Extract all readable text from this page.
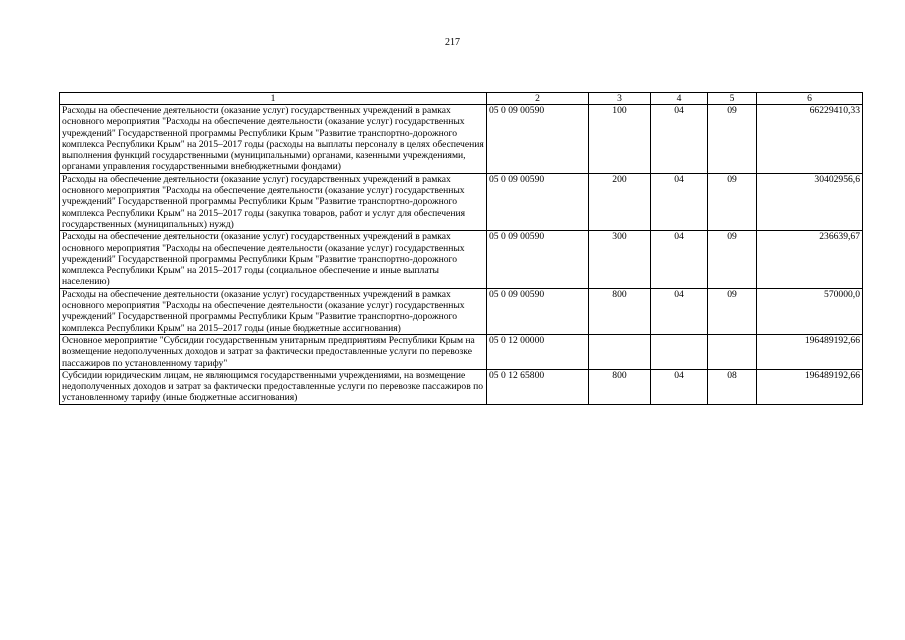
217
1	2	3	4	5	6
Расходы на обеспечение деятельности (оказание услуг) государственных учреждений в рамках основного мероприятия "Расходы на обеспечение деятельности (оказание услуг) государственных учреждений" Государственной программы Республики Крым "Развитие транспортно-дорожного комплекса Республики Крым" на 2015–2017 годы (расходы на выплаты персоналу в целях обеспечения выполнения функций государственными (муниципальными) органами, казенными учреждениями, органами управления государственными внебюджетными фондами)	05 0 09 00590	100	04	09	66229410,33
Расходы на обеспечение деятельности (оказание услуг) государственных учреждений в рамках основного мероприятия "Расходы на обеспечение деятельности (оказание услуг) государственных учреждений" Государственной программы Республики Крым "Развитие транспортно-дорожного комплекса Республики Крым" на 2015–2017 годы (закупка товаров, работ и услуг для обеспечения государственных (муниципальных) нужд)	05 0 09 00590	200	04	09	30402956,6
Расходы на обеспечение деятельности (оказание услуг) государственных учреждений в рамках основного мероприятия "Расходы на обеспечение деятельности (оказание услуг) государственных учреждений" Государственной программы Республики Крым "Развитие транспортно-дорожного комплекса Республики Крым" на 2015–2017 годы (социальное обеспечение и иные выплаты населению)	05 0 09 00590	300	04	09	236639,67
Расходы на обеспечение деятельности (оказание услуг) государственных учреждений в рамках основного мероприятия "Расходы на обеспечение деятельности (оказание услуг) государственных учреждений" Государственной программы Республики Крым "Развитие транспортно-дорожного комплекса Республики Крым" на 2015–2017 годы (иные бюджетные ассигнования)	05 0 09 00590	800	04	09	570000,0
Основное мероприятие "Субсидии государственным унитарным предприятиям Республики Крым на возмещение недополученных доходов и затрат за фактически предоставленные услуги по перевозке пассажиров по установленному тарифу"	05 0 12 00000				196489192,66
Субсидии юридическим лицам, не являющимся государственными учреждениями, на возмещение недополученных доходов и затрат за фактически предоставленные услуги по перевозке пассажиров по установленному тарифу (иные бюджетные ассигнования)	05 0 12 65800	800	04	08	196489192,66
